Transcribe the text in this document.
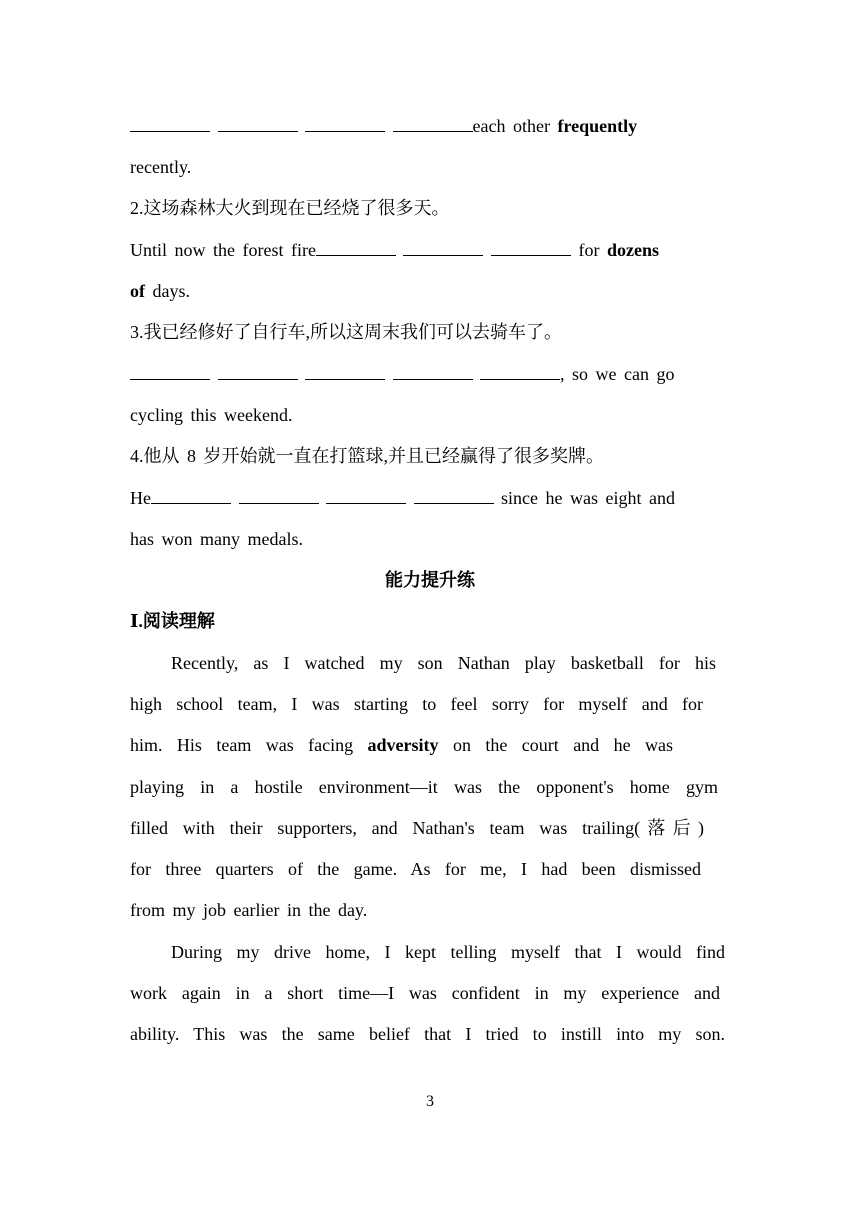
each other frequently
recently.
2.这场森林大火到现在已经烧了很多天。
Until now the forest fire	for dozens
of days.
3.我已经修好了自行车,所以这周末我们可以去骑车了。
, so we can go
cycling this weekend.
4.他从 8 岁开始就一直在打篮球,并且已经赢得了很多奖牌。
He	since he was eight and
has won many medals.
能力提升练
Ⅰ.阅读理解
Recently, as I watched my son Nathan play basketball for his
high school team, I was starting to feel sorry for myself and for
him. His team was facing adversity on the court and he was
playing in a hostile environment—it was the opponent's home gym
filled with their supporters, and Nathan's team was trailing(落后)
for three quarters of the game. As for me, I had been dismissed
from my job earlier in the day.
During my drive home, I kept telling myself that I would find
work again in a short time—I was confident in my experience and
ability. This was the same belief that I tried to instill into my son.
3
